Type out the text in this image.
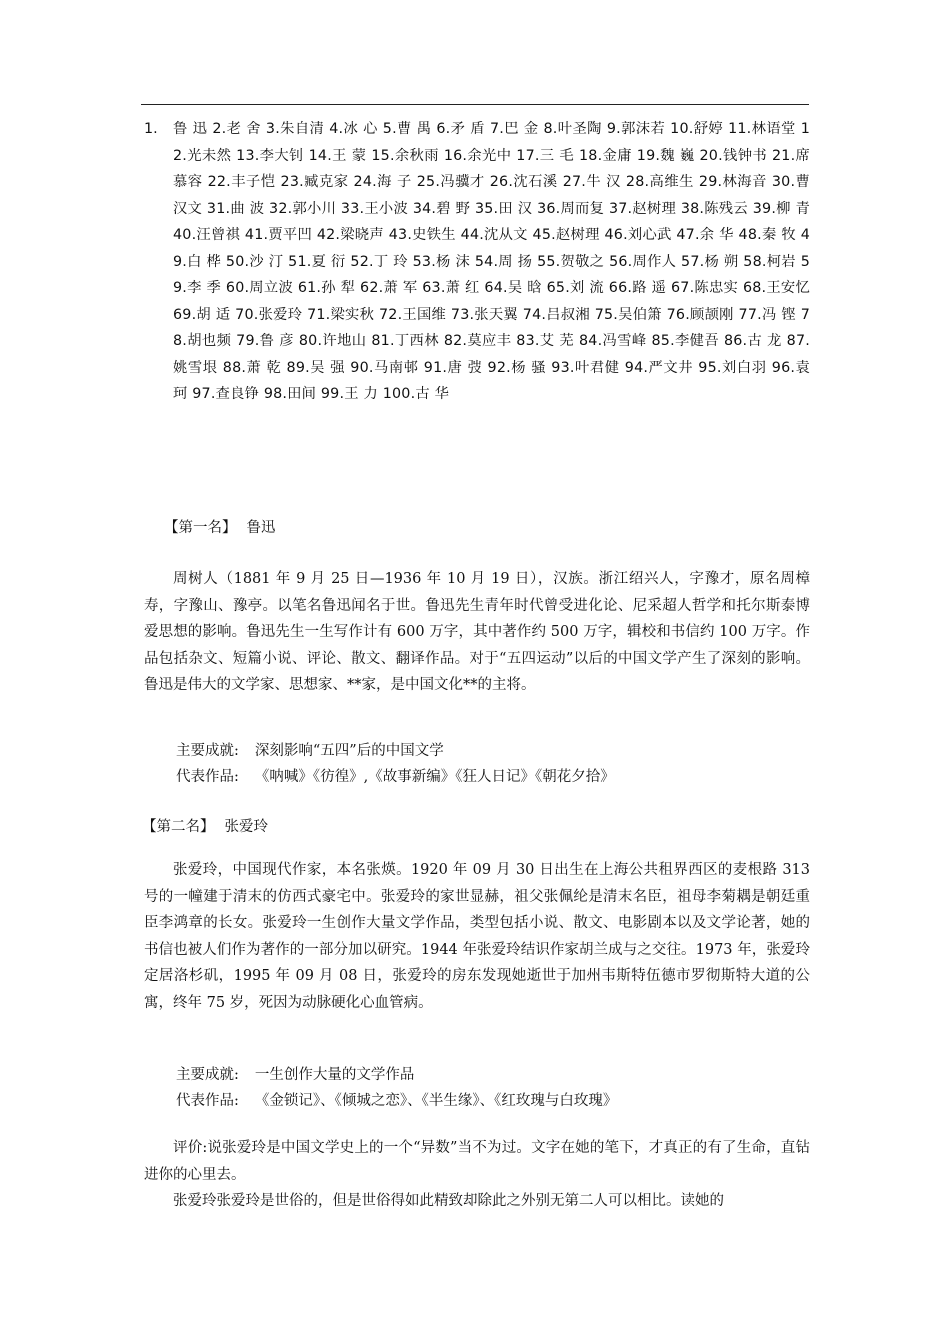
1. 鲁 迅 2.老 舍 3.朱自清 4.冰 心 5.曹 禺 6.矛 盾 7.巴 金 8.叶圣陶 9.郭沫若 10.舒婷 11.林语堂 12.光未然 13.李大钊 14.王 蒙 15.余秋雨 16.余光中 17.三 毛 18.金庸 19.魏 巍 20.钱钟书 21.席慕容 22.丰子恺 23.臧克家 24.海 子 25.冯骥才 26.沈石溪 27.牛 汉 28.高维生 29.林海音 30.曹汉文 31.曲 波 32.郭小川 33.王小波 34.碧 野 35.田 汉 36.周而复 37.赵树理 38.陈残云 39.柳 青 40.汪曾祺 41.贾平凹 42.梁晓声 43.史铁生 44.沈从文 45.赵树理 46.刘心武 47.余 华 48.秦 牧 49.白 桦 50.沙 汀 51.夏 衍 52.丁 玲 53.杨 沫 54.周 扬 55.贺敬之 56.周作人 57.杨 朔 58.柯岩 59.李 季 60.周立波 61.孙 犁 62.萧 军 63.萧 红 64.吴 晗 65.刘 流 66.路 遥 67.陈忠实 68.王安忆 69.胡 适 70.张爱玲 71.梁实秋 72.王国维 73.张天翼 74.吕叔湘 75.吴伯箫 76.顾颉刚 77.冯 铿 78.胡也频 79.鲁 彦 80.许地山 81.丁西林 82.莫应丰 83.艾 芜 84.冯雪峰 85.李健吾 86.古 龙 87.姚雪垠 88.萧 乾 89.吴 强 90.马南邨 91.唐 弢 92.杨 骚 93.叶君健 94.严文井 95.刘白羽 96.袁 珂 97.查良铮 98.田间 99.王 力 100.古 华
【第一名】 鲁迅
周树人（1881 年 9 月 25 日—1936 年 10 月 19 日），汉族。浙江绍兴人，字豫才，原名周樟寿，字豫山、豫亭。以笔名鲁迅闻名于世。鲁迅先生青年时代曾受进化论、尼采超人哲学和托尔斯泰博爱思想的影响。鲁迅先生一生写作计有 600 万字，其中著作约 500 万字，辑校和书信约 100 万字。作品包括杂文、短篇小说、评论、散文、翻译作品。对于“五四运动”以后的中国文学产生了深刻的影响。鲁迅是伟大的文学家、思想家、**家，是中国文化**的主将。
主要成就: 深刻影响“五四”后的中国文学
代表作品: 《呐喊》《彷徨》,《故事新编》《狂人日记》《朝花夕拾》
【第二名】 张爱玲
张爱玲，中国现代作家，本名张煐。1920 年 09 月 30 日出生在上海公共租界西区的麦根路 313 号的一幢建于清末的仿西式豪宅中。张爱玲的家世显赫，祖父张佩纶是清末名臣，祖母李菊耦是朝廷重臣李鸿章的长女。张爱玲一生创作大量文学作品，类型包括小说、散文、电影剧本以及文学论著，她的书信也被人们作为著作的一部分加以研究。1944 年张爱玲结识作家胡兰成与之交往。1973 年，张爱玲定居洛杉矶，1995 年 09 月 08 日，张爱玲的房东发现她逝世于加州韦斯特伍德市罗彻斯特大道的公寓，终年 75 岁，死因为动脉硬化心血管病。
主要成就: 一生创作大量的文学作品
代表作品: 《金锁记》、《倾城之恋》、《半生缘》、《红玫瑰与白玫瑰》
评价:说张爱玲是中国文学史上的一个“异数”当不为过。文字在她的笔下，才真正的有了生命，直钻进你的心里去。
张爱玲张爱玲是世俗的，但是世俗得如此精致却除此之外别无第二人可以相比。读她的
